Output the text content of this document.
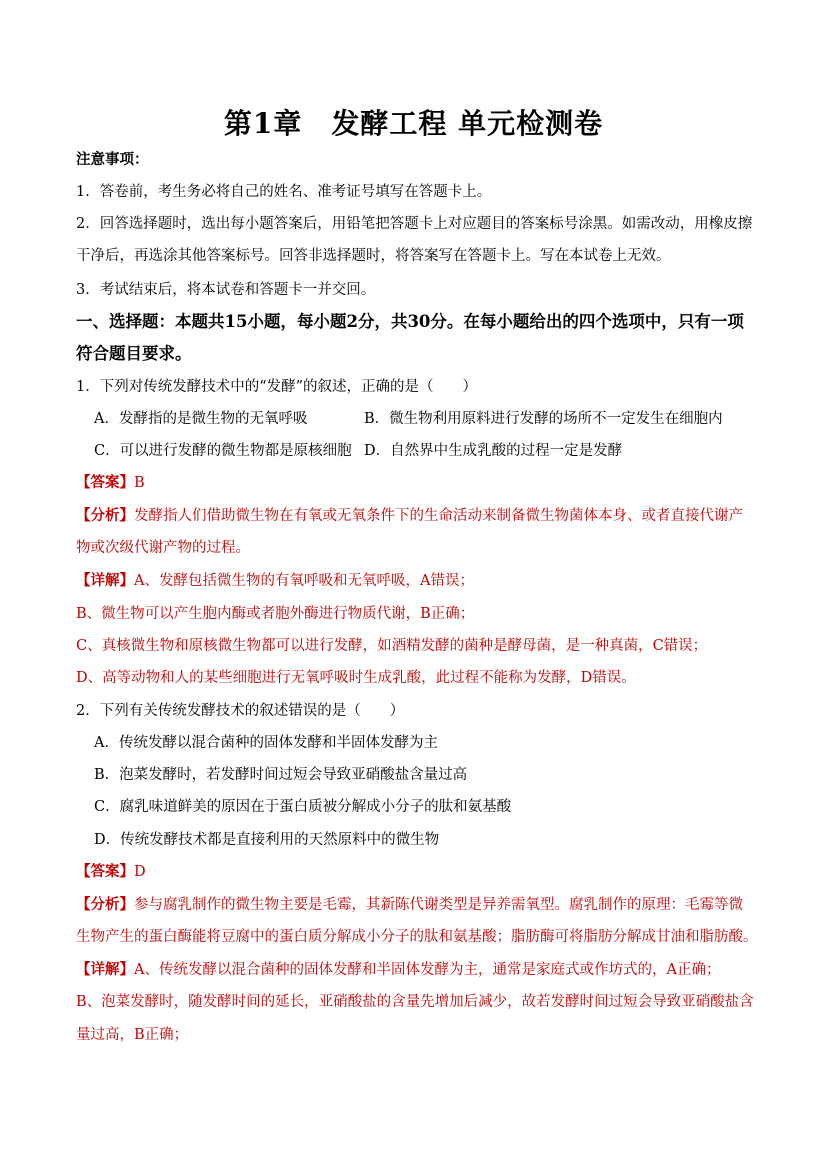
第1章　发酵工程 单元检测卷
注意事项：
1．答卷前，考生务必将自己的姓名、准考证号填写在答题卡上。
2．回答选择题时，选出每小题答案后，用铅笔把答题卡上对应题目的答案标号涂黑。如需改动，用橡皮擦
干净后，再选涂其他答案标号。回答非选择题时，将答案写在答题卡上。写在本试卷上无效。
3．考试结束后，将本试卷和答题卡一并交回。
一、选择题：本题共15小题，每小题2分，共30分。在每小题给出的四个选项中，只有一项
符合题目要求。
1．下列对传统发酵技术中的“发酵”的叙述，正确的是（　　）
A．发酵指的是微生物的无氧呼吸	B．微生物利用原料进行发酵的场所不一定发生在细胞内
C．可以进行发酵的微生物都是原核细胞 D．自然界中生成乳酸的过程一定是发酵
【答案】B
【分析】发酵指人们借助微生物在有氧或无氧条件下的生命活动来制备微生物菌体本身、或者直接代谢产
物或次级代谢产物的过程。
【详解】A、发酵包括微生物的有氧呼吸和无氧呼吸，A错误；
B、微生物可以产生胞内酶或者胞外酶进行物质代谢，B正确；
C、真核微生物和原核微生物都可以进行发酵，如酒精发酵的菌种是酵母菌，是一种真菌，C错误；
D、高等动物和人的某些细胞进行无氧呼吸时生成乳酸，此过程不能称为发酵，D错误。
2．下列有关传统发酵技术的叙述错误的是（　　）
A．传统发酵以混合菌种的固体发酵和半固体发酵为主
B．泡菜发酵时，若发酵时间过短会导致亚硝酸盐含量过高
C．腐乳味道鲜美的原因在于蛋白质被分解成小分子的肽和氨基酸
D．传统发酵技术都是直接利用的天然原料中的微生物
【答案】D
【分析】参与腐乳制作的微生物主要是毛霉，其新陈代谢类型是异养需氧型。腐乳制作的原理：毛霉等微
生物产生的蛋白酶能将豆腐中的蛋白质分解成小分子的肽和氨基酸；脂肪酶可将脂肪分解成甘油和脂肪酸。
【详解】A、传统发酵以混合菌种的固体发酵和半固体发酵为主，通常是家庭式或作坊式的，A正确；
B、泡菜发酵时，随发酵时间的延长，亚硝酸盐的含量先增加后减少，故若发酵时间过短会导致亚硝酸盐含
量过高，B正确；
